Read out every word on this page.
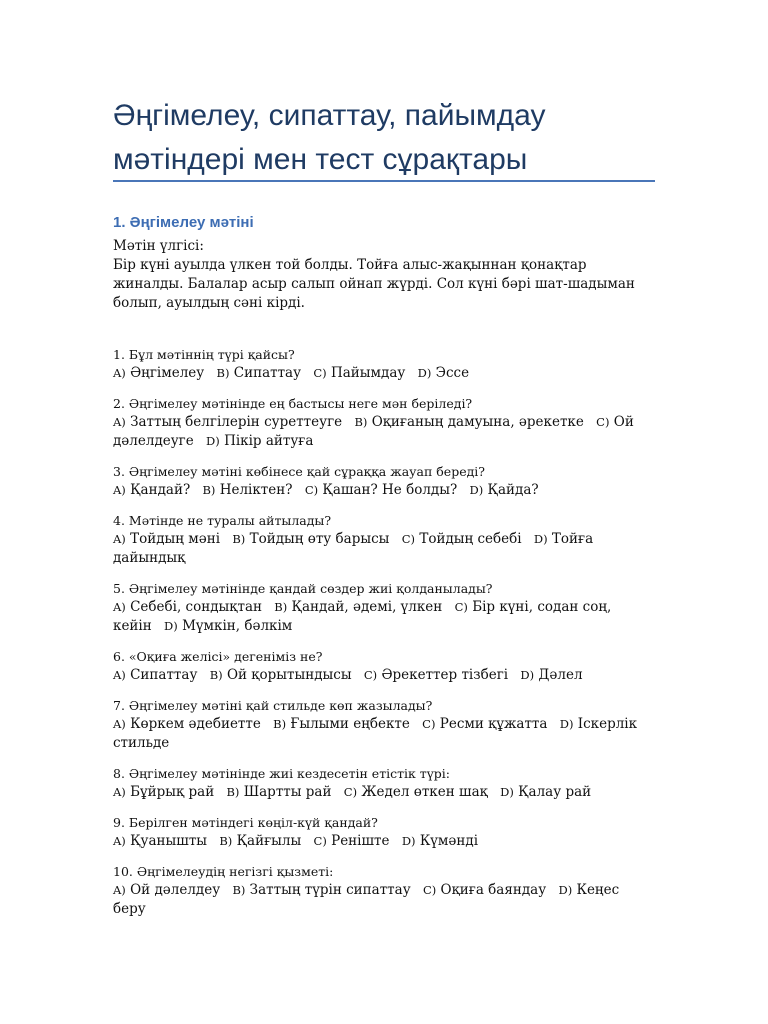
Әңгімелеу, сипаттау, пайымдау
мәтіндері мен тест сұрақтары
1. Әңгімелеу мәтіні
Мәтін үлгісі:
Бір күні ауылда үлкен той болды. Тойға алыс-жақыннан қонақтар
жиналды. Балалар асыр салып ойнап жүрді. Сол күні бәрі шат-шадыман
болып, ауылдың сәні кірді.
1. Бұл мәтіннің түрі қайсы?
A) Әңгімелеу B) Сипаттау C) Пайымдау D) Эссе
2. Әңгімелеу мәтінінде ең бастысы неге мән беріледі?
A) Заттың белгілерін суреттеуге B) Оқиғаның дамуына, әрекетке C) Ой дәлелдеуге D) Пікір айтуға
3. Әңгімелеу мәтіні көбінесе қай сұраққа жауап береді?
A) Қандай? B) Неліктен? C) Қашан? Не болды? D) Қайда?
4. Мәтінде не туралы айтылады?
A) Тойдың мәні B) Тойдың өту барысы C) Тойдың себебі D) Тойға дайындық
5. Әңгімелеу мәтінінде қандай сөздер жиі қолданылады?
A) Себебі, сондықтан B) Қандай, әдемі, үлкен C) Бір күні, содан соң, кейін D) Мүмкін, бәлкім
6. «Оқиға желісі» дегеніміз не?
A) Сипаттау B) Ой қорытындысы C) Әрекеттер тізбегі D) Дәлел
7. Әңгімелеу мәтіні қай стильде көп жазылады?
A) Көркем әдебиетте B) Ғылыми еңбекте C) Ресми құжатта D) Іскерлік стильде
8. Әңгімелеу мәтінінде жиі кездесетін етістік түрі:
A) Бұйрық рай B) Шартты рай C) Жедел өткен шақ D) Қалау рай
9. Берілген мәтіндегі көңіл-күй қандай?
A) Қуанышты B) Қайғылы C) Реніште D) Күмәнді
10. Әңгімелеудің негізгі қызметі:
A) Ой дәлелдеу B) Заттың түрін сипаттау C) Оқиға баяндау D) Кеңес беру
